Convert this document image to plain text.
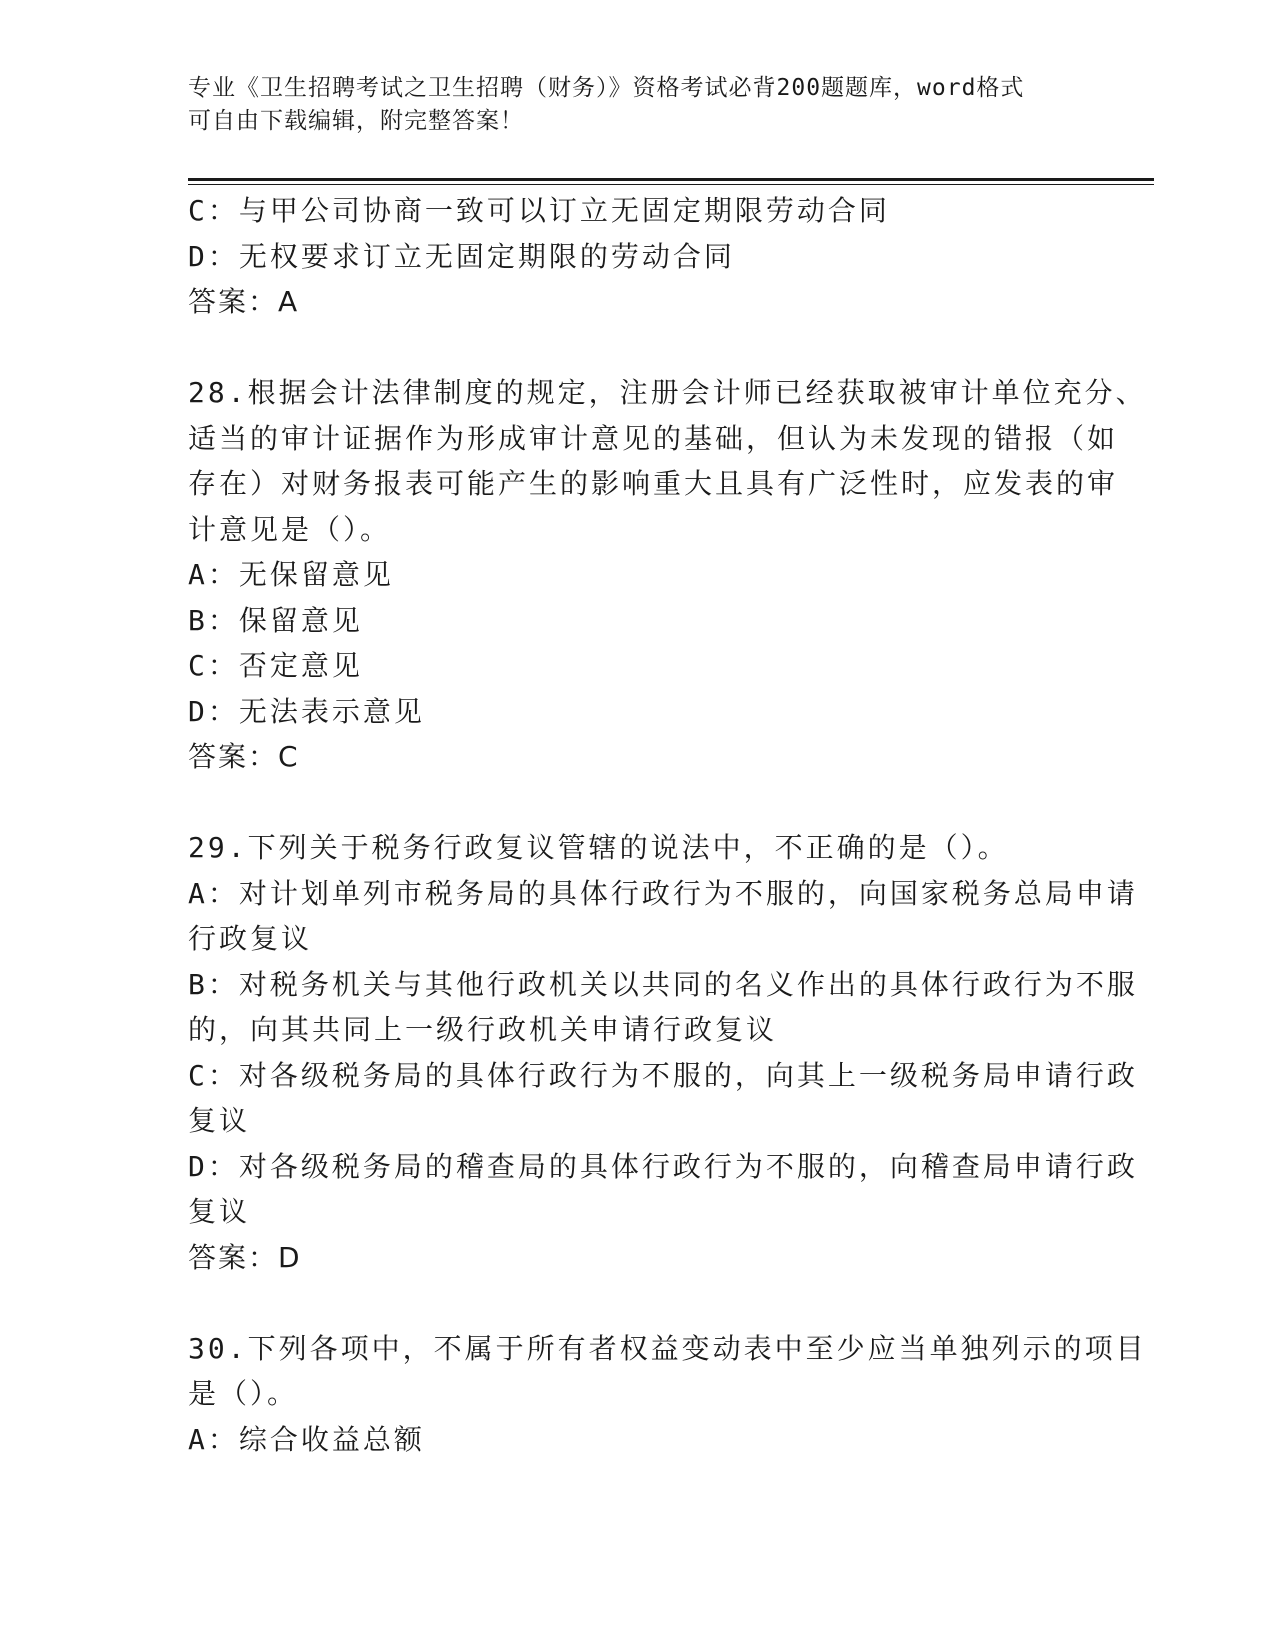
专业《卫生招聘考试之卫生招聘（财务）》资格考试必背200题题库，word格式
可自由下载编辑，附完整答案！
C：与甲公司协商一致可以订立无固定期限劳动合同
D：无权要求订立无固定期限的劳动合同
答案：A
28.根据会计法律制度的规定，注册会计师已经获取被审计单位充分、
适当的审计证据作为形成审计意见的基础，但认为未发现的错报（如
存在）对财务报表可能产生的影响重大且具有广泛性时，应发表的审
计意见是（）。
A：无保留意见
B：保留意见
C：否定意见
D：无法表示意见
答案：C
29.下列关于税务行政复议管辖的说法中，不正确的是（）。
A：对计划单列市税务局的具体行政行为不服的，向国家税务总局申请
行政复议
B：对税务机关与其他行政机关以共同的名义作出的具体行政行为不服
的，向其共同上一级行政机关申请行政复议
C：对各级税务局的具体行政行为不服的，向其上一级税务局申请行政
复议
D：对各级税务局的稽查局的具体行政行为不服的，向稽查局申请行政
复议
答案：D
30.下列各项中，不属于所有者权益变动表中至少应当单独列示的项目
是（）。
A：综合收益总额
